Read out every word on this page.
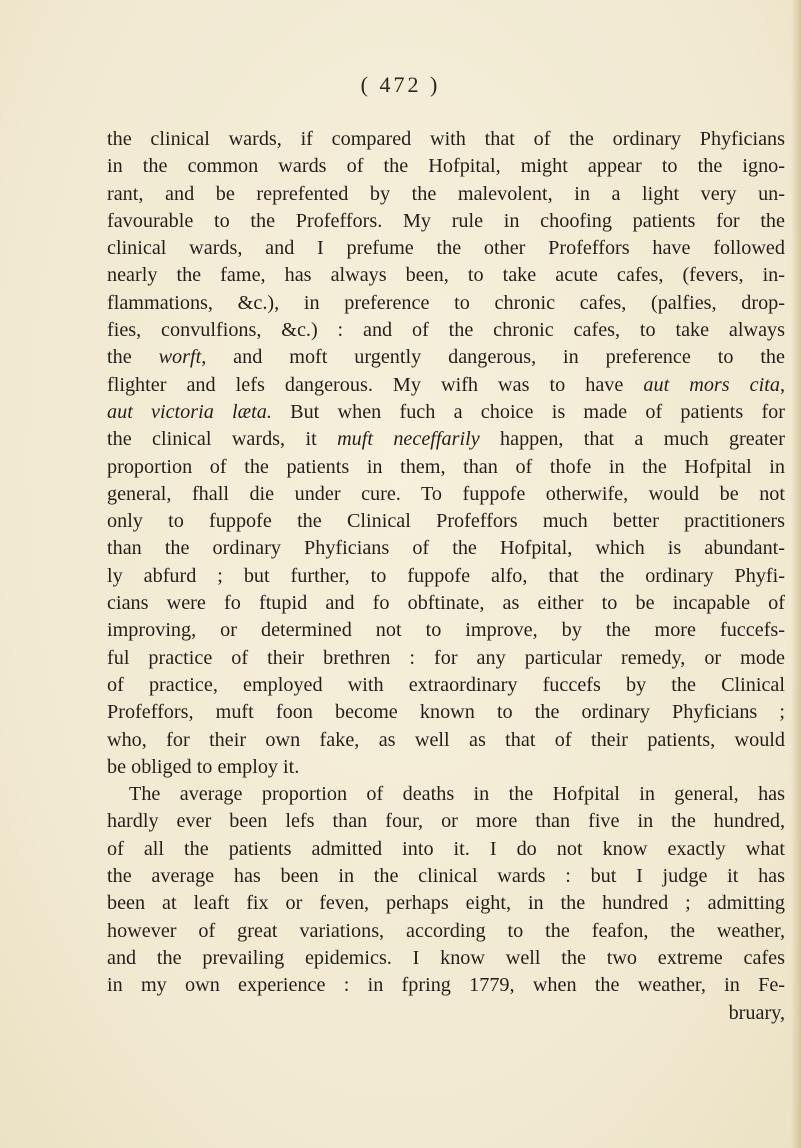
( 472 )

the clinical wards, if compared with that of the ordinary Phyficians
in the common wards of the Hofpital, might appear to the igno-
rant, and be reprefented by the malevolent, in a light very un-
favourable to the Profeffors. My rule in choofing patients for the
clinical wards, and I prefume the other Profeffors have followed
nearly the fame, has always been, to take acute cafes, (fevers, in-
flammations, &c.), in preference to chronic cafes, (palfies, drop-
fies, convulfions, &c.) : and of the chronic cafes, to take always
the worft, and moft urgently dangerous, in preference to the
flighter and lefs dangerous. My wifh was to have aut mors cita,
aut victoria læta. But when fuch a choice is made of patients for
the clinical wards, it muft neceffarily happen, that a much greater
proportion of the patients in them, than of thofe in the Hofpital in
general, fhall die under cure. To fuppofe otherwife, would be not
only to fuppofe the Clinical Profeffors much better practitioners
than the ordinary Phyficians of the Hofpital, which is abundant-
ly abfurd ; but further, to fuppofe alfo, that the ordinary Phyfi-
cians were fo ftupid and fo obftinate, as either to be incapable of
improving, or determined not to improve, by the more fuccefs-
ful practice of their brethren : for any particular remedy, or mode
of practice, employed with extraordinary fuccefs by the Clinical
Profeffors, muft foon become known to the ordinary Phyficians ;
who, for their own fake, as well as that of their patients, would
be obliged to employ it.
The average proportion of deaths in the Hofpital in general, has
hardly ever been lefs than four, or more than five in the hundred,
of all the patients admitted into it. I do not know exactly what
the average has been in the clinical wards : but I judge it has
been at leaft fix or feven, perhaps eight, in the hundred ; admitting
however of great variations, according to the feafon, the weather,
and the prevailing epidemics. I know well the two extreme cafes
in my own experience : in fpring 1779, when the weather, in Fe-
bruary,
